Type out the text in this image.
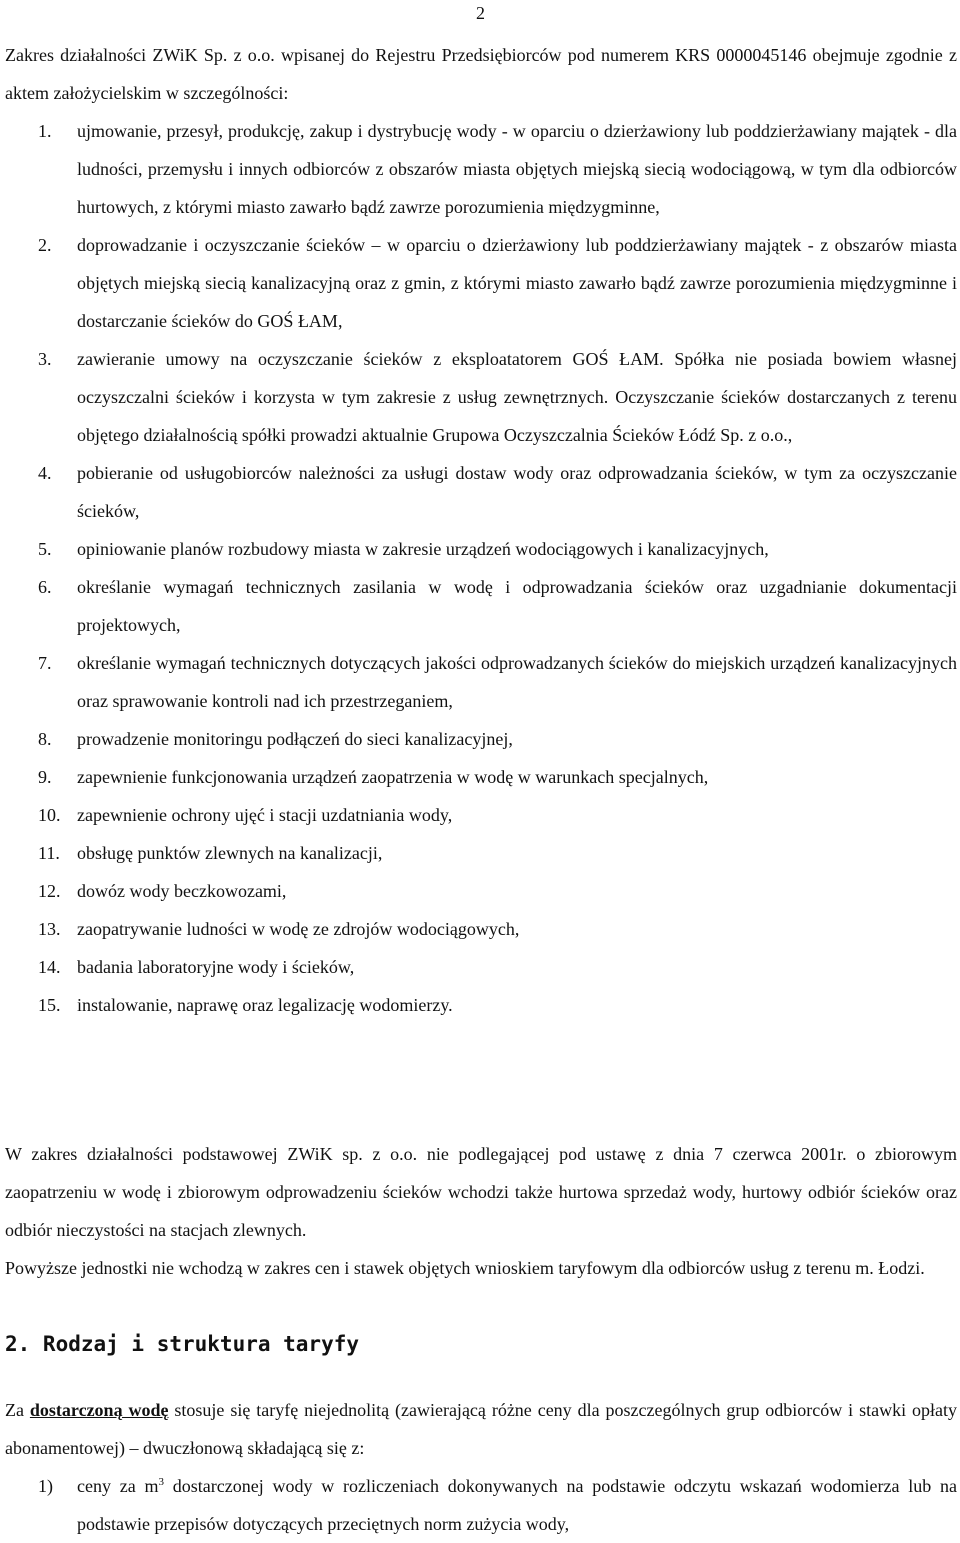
2

Zakres działalności ZWiK Sp. z o.o. wpisanej do Rejestru Przedsiębiorców pod numerem KRS 0000045146 obejmuje zgodnie z aktem założycielskim w szczególności:

1. ujmowanie, przesył, produkcję, zakup i dystrybucję wody - w oparciu o dzierżawiony lub poddzierżawiany majątek - dla ludności, przemysłu i innych odbiorców z obszarów miasta objętych miejską siecią wodociągową, w tym dla odbiorców hurtowych, z którymi miasto zawarło bądź zawrze porozumienia międzygminne,
2. doprowadzanie i oczyszczanie ścieków – w oparciu o dzierżawiony lub poddzierżawiany majątek - z obszarów miasta objętych miejską siecią kanalizacyjną oraz z gmin, z którymi miasto zawarło bądź zawrze porozumienia międzygminne i dostarczanie ścieków do GOŚ ŁAM,
3. zawieranie umowy na oczyszczanie ścieków z eksploatatorem GOŚ ŁAM. Spółka nie posiada bowiem własnej oczyszczalni ścieków i korzysta w tym zakresie z usług zewnętrznych. Oczyszczanie ścieków dostarczanych z terenu objętego działalnością spółki prowadzi aktualnie Grupowa Oczyszczalnia Ścieków Łódź Sp. z o.o.,
4. pobieranie od usługobiorców należności za usługi dostaw wody oraz odprowadzania ścieków, w tym za oczyszczanie ścieków,
5. opiniowanie planów rozbudowy miasta w zakresie urządzeń wodociągowych i kanalizacyjnych,
6. określanie wymagań technicznych zasilania w wodę i odprowadzania ścieków oraz uzgadnianie dokumentacji projektowych,
7. określanie wymagań technicznych dotyczących jakości odprowadzanych ścieków do miejskich urządzeń kanalizacyjnych oraz sprawowanie kontroli nad ich przestrzeganiem,
8. prowadzenie monitoringu podłączeń do sieci kanalizacyjnej,
9. zapewnienie funkcjonowania urządzeń zaopatrzenia w wodę w warunkach specjalnych,
10. zapewnienie ochrony ujęć i stacji uzdatniania wody,
11. obsługę punktów zlewnych na kanalizacji,
12. dowóz wody beczkowozami,
13. zaopatrywanie ludności w wodę ze zdrojów wodociągowych,
14. badania laboratoryjne wody i ścieków,
15. instalowanie, naprawę oraz legalizację wodomierzy.

W zakres działalności podstawowej ZWiK sp. z o.o. nie podlegającej pod ustawę z dnia 7 czerwca 2001r. o zbiorowym zaopatrzeniu w wodę i zbiorowym odprowadzeniu ścieków wchodzi także hurtowa sprzedaż wody, hurtowy odbiór ścieków oraz odbiór nieczystości na stacjach zlewnych.

Powyższe jednostki nie wchodzą w zakres cen i stawek objętych wnioskiem taryfowym dla odbiorców usług z terenu m. Łodzi.

2. Rodzaj i struktura taryfy

Za dostarczoną wodę stosuje się taryfę niejednolitą (zawierającą różne ceny dla poszczególnych grup odbiorców i stawki opłaty abonamentowej) – dwuczłonową składającą się z:

1) ceny za $m^3$ dostarczonej wody w rozliczeniach dokonywanych na podstawie odczytu wskazań wodomierza lub na podstawie przepisów dotyczących przeciętnych norm zużycia wody,
